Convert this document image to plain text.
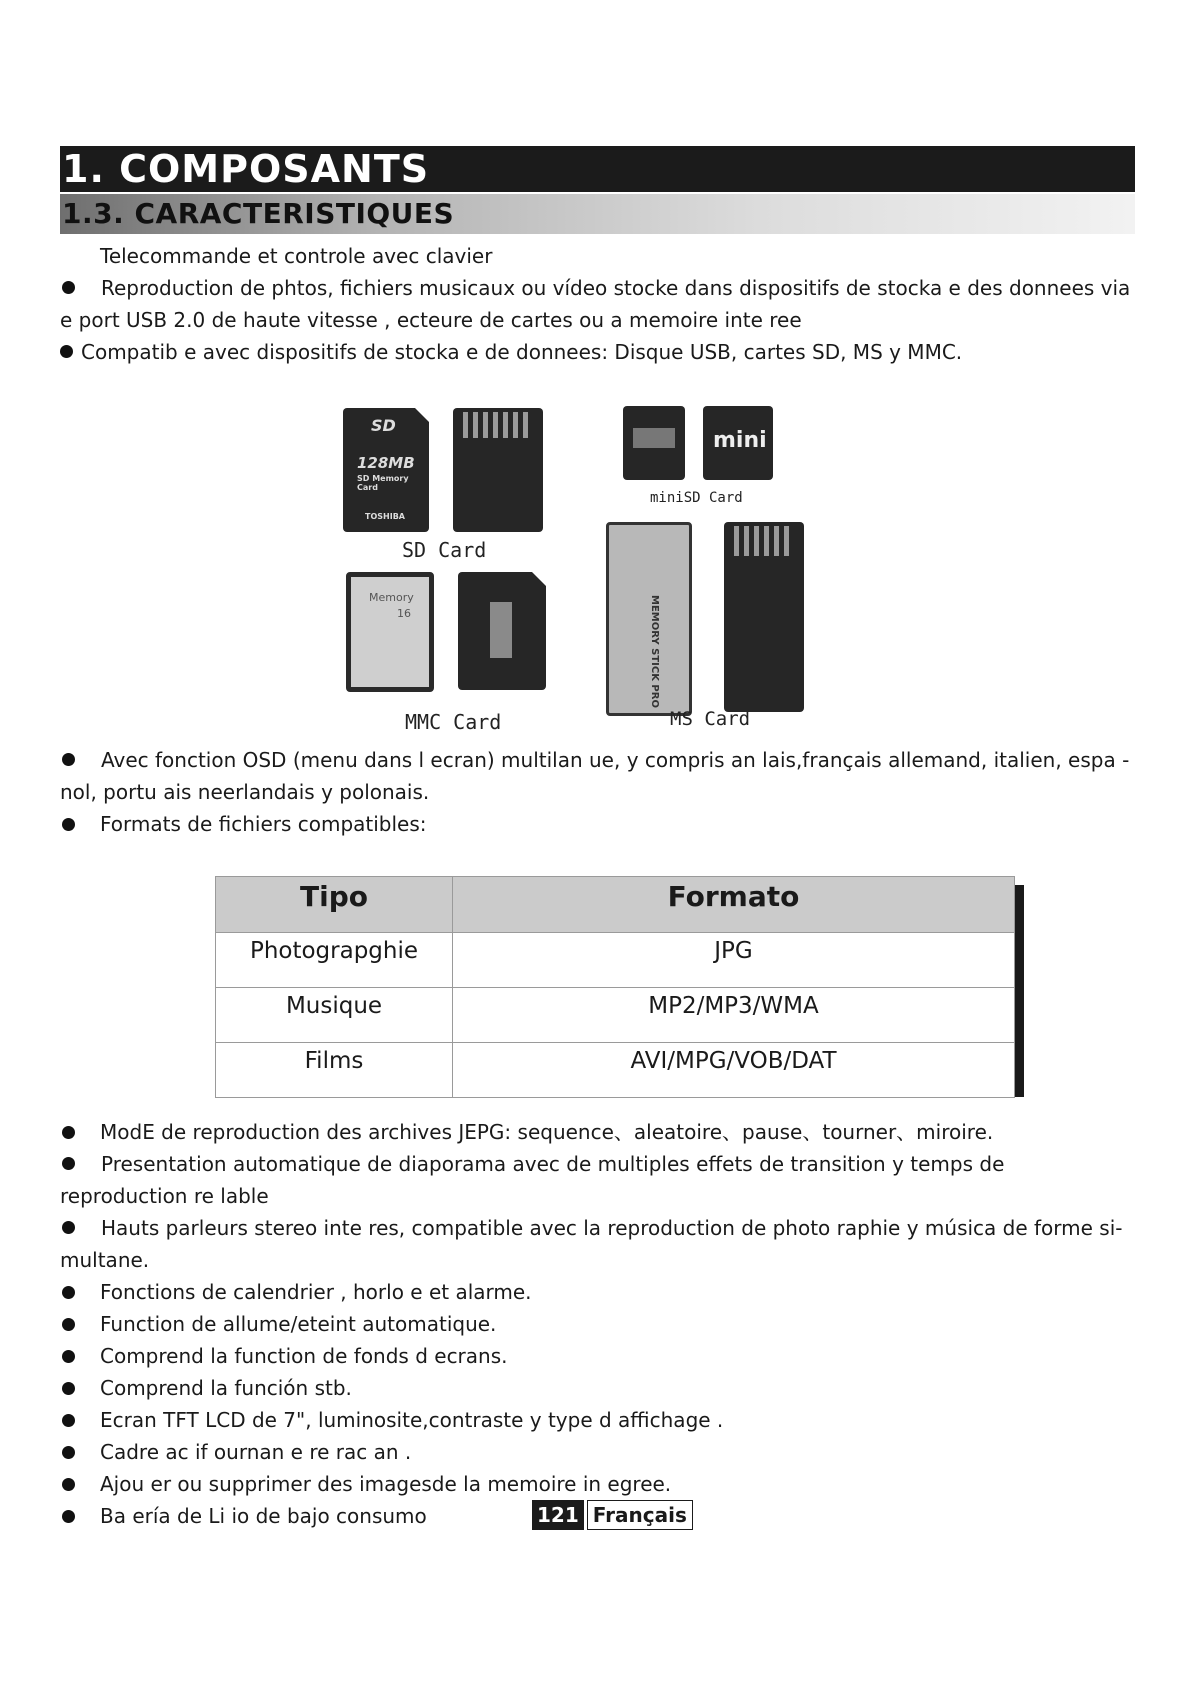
1. COMPOSANTS
1.3. CARACTERISTIQUES

Telecommande et controle avec clavier

Reproduction de phtos, fichiers musicaux ou vídeo stocke dans dispositifs de stocka e des donnees via e port USB 2.0 de haute vitesse , ecteure de cartes ou a memoire inte ree

Compatib e avec dispositifs de stocka e de donnees: Disque USB, cartes SD, MS y MMC.

SD
128MB
SD Memory Card
TOSHIBA
mini
miniSD Card
SD Card
Memory
16	MEMORY STICK PRO
MMC Card	MS Card

Avec fonction OSD (menu dans l ecran) multilan ue, y compris an lais,français allemand, italien, espa - nol, portu ais neerlandais y polonais.

Formats de fichiers compatibles:

Tipo	Formato
Photograpghie	JPG
Musique	MP2/MP3/WMA
Films	AVI/MPG/VOB/DAT

ModE de reproduction des archives JEPG: sequence、aleatoire、pause、tourner、miroire.

Presentation automatique de diaporama avec de multiples effets de transition y temps de reproduction re lable

Hauts parleurs stereo inte res, compatible avec la reproduction de photo raphie y música de forme si- multane.

Fonctions de calendrier , horlo e et alarme.

Function de allume/eteint automatique.

Comprend la function de fonds d ecrans.

Comprend la función stb.

Ecran TFT LCD de 7", luminosite,contraste y type d affichage .

Cadre ac if ournan e re rac an .

Ajou er ou supprimer des imagesde la memoire in egree.

Ba ería de Li io de bajo consumo	121 Français
